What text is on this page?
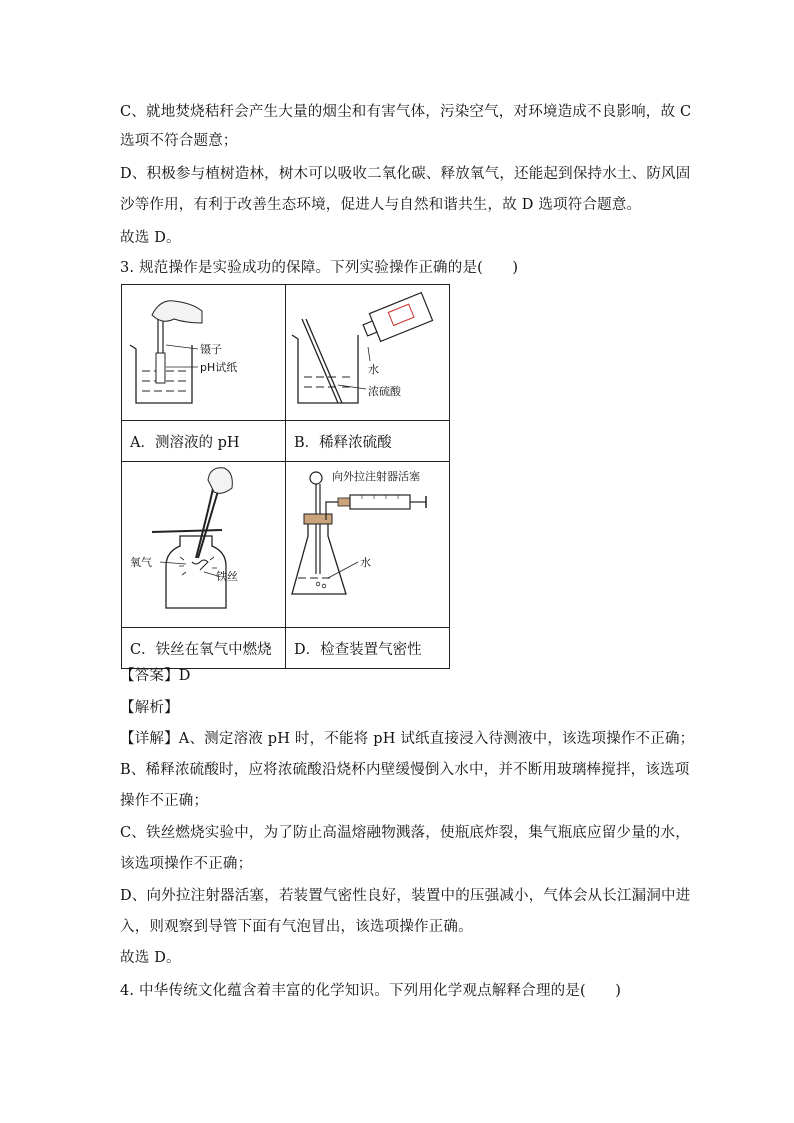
C、就地焚烧秸秆会产生大量的烟尘和有害气体，污染空气，对环境造成不良影响，故 C
选项不符合题意；
D、积极参与植树造林，树木可以吸收二氧化碳、释放氧气，还能起到保持水土、防风固
沙等作用，有利于改善生态环境，促进人与自然和谐共生，故 D 选项符合题意。
故选 D。
3. 规范操作是实验成功的保障。下列实验操作正确的是(　　)
镊子
pH试纸	水
浓硫酸

A．测溶液的 pH	B．稀释浓硫酸

氧气
铁丝	向外拉注射器活塞
水

C．铁丝在氧气中燃烧	D．检查装置气密性
【答案】D
【解析】
【详解】A、测定溶液 pH 时，不能将 pH 试纸直接浸入待测液中，该选项操作不正确；
B、稀释浓硫酸时，应将浓硫酸沿烧杯内壁缓慢倒入水中，并不断用玻璃棒搅拌，该选项
操作不正确；
C、铁丝燃烧实验中，为了防止高温熔融物溅落，使瓶底炸裂，集气瓶底应留少量的水，
该选项操作不正确；
D、向外拉注射器活塞，若装置气密性良好，装置中的压强减小，气体会从长江漏洞中进
入，则观察到导管下面有气泡冒出，该选项操作正确。
故选 D。
4. 中华传统文化蕴含着丰富的化学知识。下列用化学观点解释合理的是(　　)
